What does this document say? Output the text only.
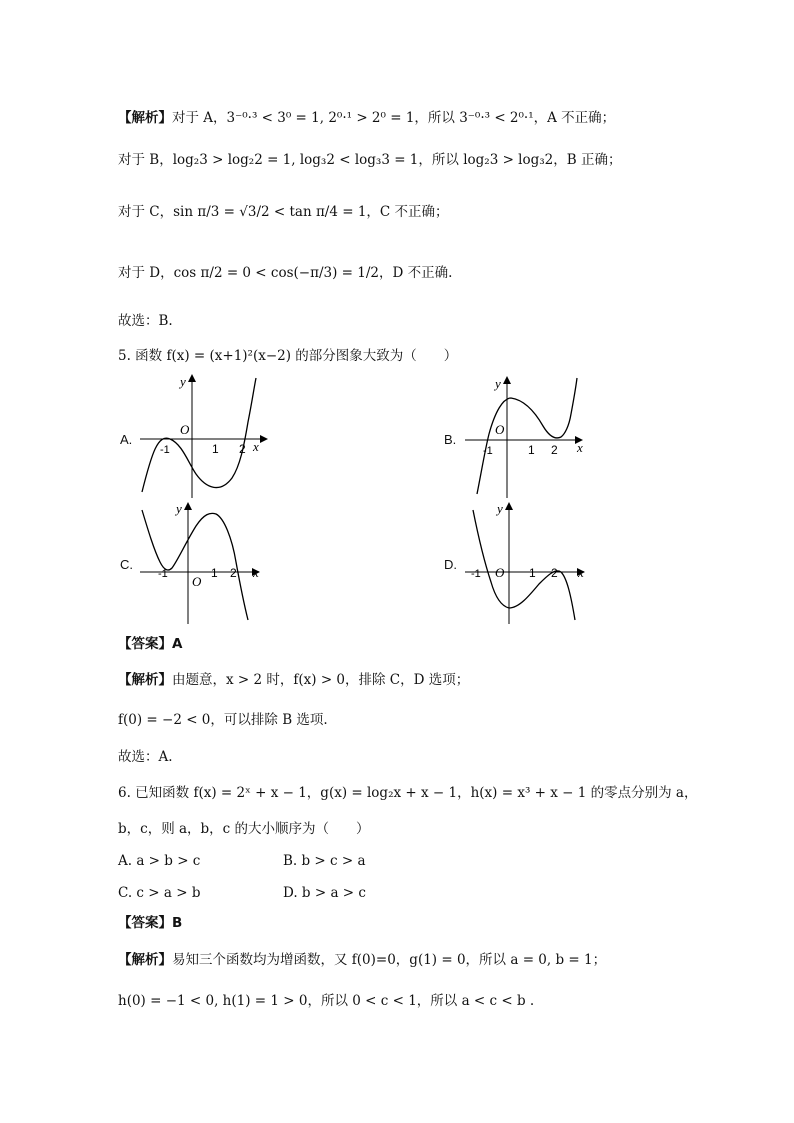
【解析】对于 A，3⁻⁰·³ < 3⁰ = 1, 2⁰·¹ > 2⁰ = 1，所以 3⁻⁰·³ < 2⁰·¹，A 不正确；
对于 B，log₂3 > log₂2 = 1, log₃2 < log₃3 = 1，所以 log₂3 > log₃2，B 正确；
对于 C，sin π/3 = √3/2 < tan π/4 = 1，C 不正确；
对于 D，cos π/2 = 0 < cos(−π/3) = 1/2，D 不正确.
故选：B.
5. 函数 f(x) = (x+1)²(x−2) 的部分图象大致为（　　）
A.	B.
C.	D.
O
y
x
-1	1 2
O
y
x
-1	1 2
O
y
x
-1	1 2	O
y
x
-1	1 2
【答案】A
【解析】由题意，x > 2 时，f(x) > 0，排除 C，D 选项；
f(0) = −2 < 0，可以排除 B 选项.
故选：A.
6. 已知函数 f(x) = 2ˣ + x − 1，g(x) = log₂x + x − 1，h(x) = x³ + x − 1 的零点分别为 a，
b，c，则 a，b，c 的大小顺序为（　　）
A. a > b > c	B. b > c > a
C. c > a > b	D. b > a > c
【答案】B
【解析】易知三个函数均为增函数，又 f(0)=0，g(1) = 0，所以 a = 0, b = 1；
h(0) = −1 < 0, h(1) = 1 > 0，所以 0 < c < 1，所以 a < c < b .
